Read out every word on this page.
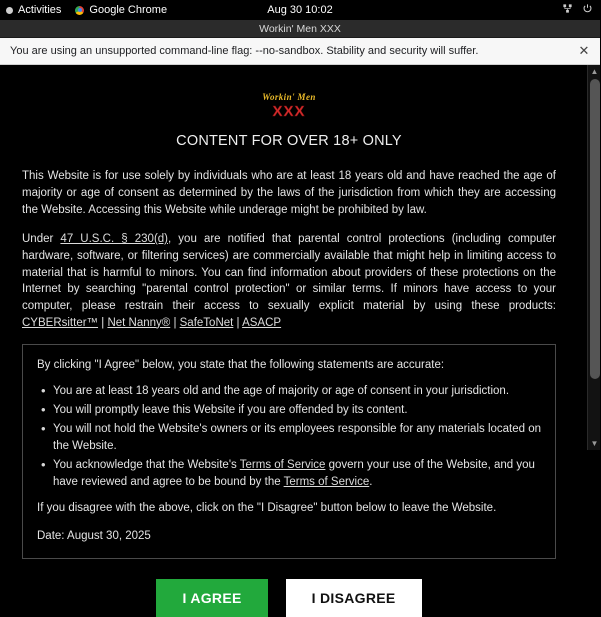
Activities	Google Chrome	Aug 30 10:02
Workin' Men XXX
You are using an unsupported command-line flag: --no-sandbox. Stability and security will suffer.	✕
Workin' Men
XXX
CONTENT FOR OVER 18+ ONLY

This Website is for use solely by individuals who are at least 18 years old and have reached the age of majority or age of consent as determined by the laws of the jurisdiction from which they are accessing the Website. Accessing this Website while underage might be prohibited by law.

Under 47 U.S.C. § 230(d), you are notified that parental control protections (including computer hardware, software, or filtering services) are commercially available that might help in limiting access to material that is harmful to minors. You can find information about providers of these protections on the Internet by searching "parental control protection" or similar terms. If minors have access to your computer, please restrain their access to sexually explicit material by using these products: CYBERsitter™ | Net Nanny® | SafeToNet | ASACP

By clicking "I Agree" below, you state that the following statements are accurate:
• You are at least 18 years old and the age of majority or age of consent in your jurisdiction.
• You will promptly leave this Website if you are offended by its content.
• You will not hold the Website's owners or its employees responsible for any materials located on the Website.
• You acknowledge that the Website's Terms of Service govern your use of the Website, and you have reviewed and agree to be bound by the Terms of Service.
If you disagree with the above, click on the "I Disagree" button below to leave the Website.
Date: August 30, 2025
I AGREE	I DISAGREE
▲
▼
